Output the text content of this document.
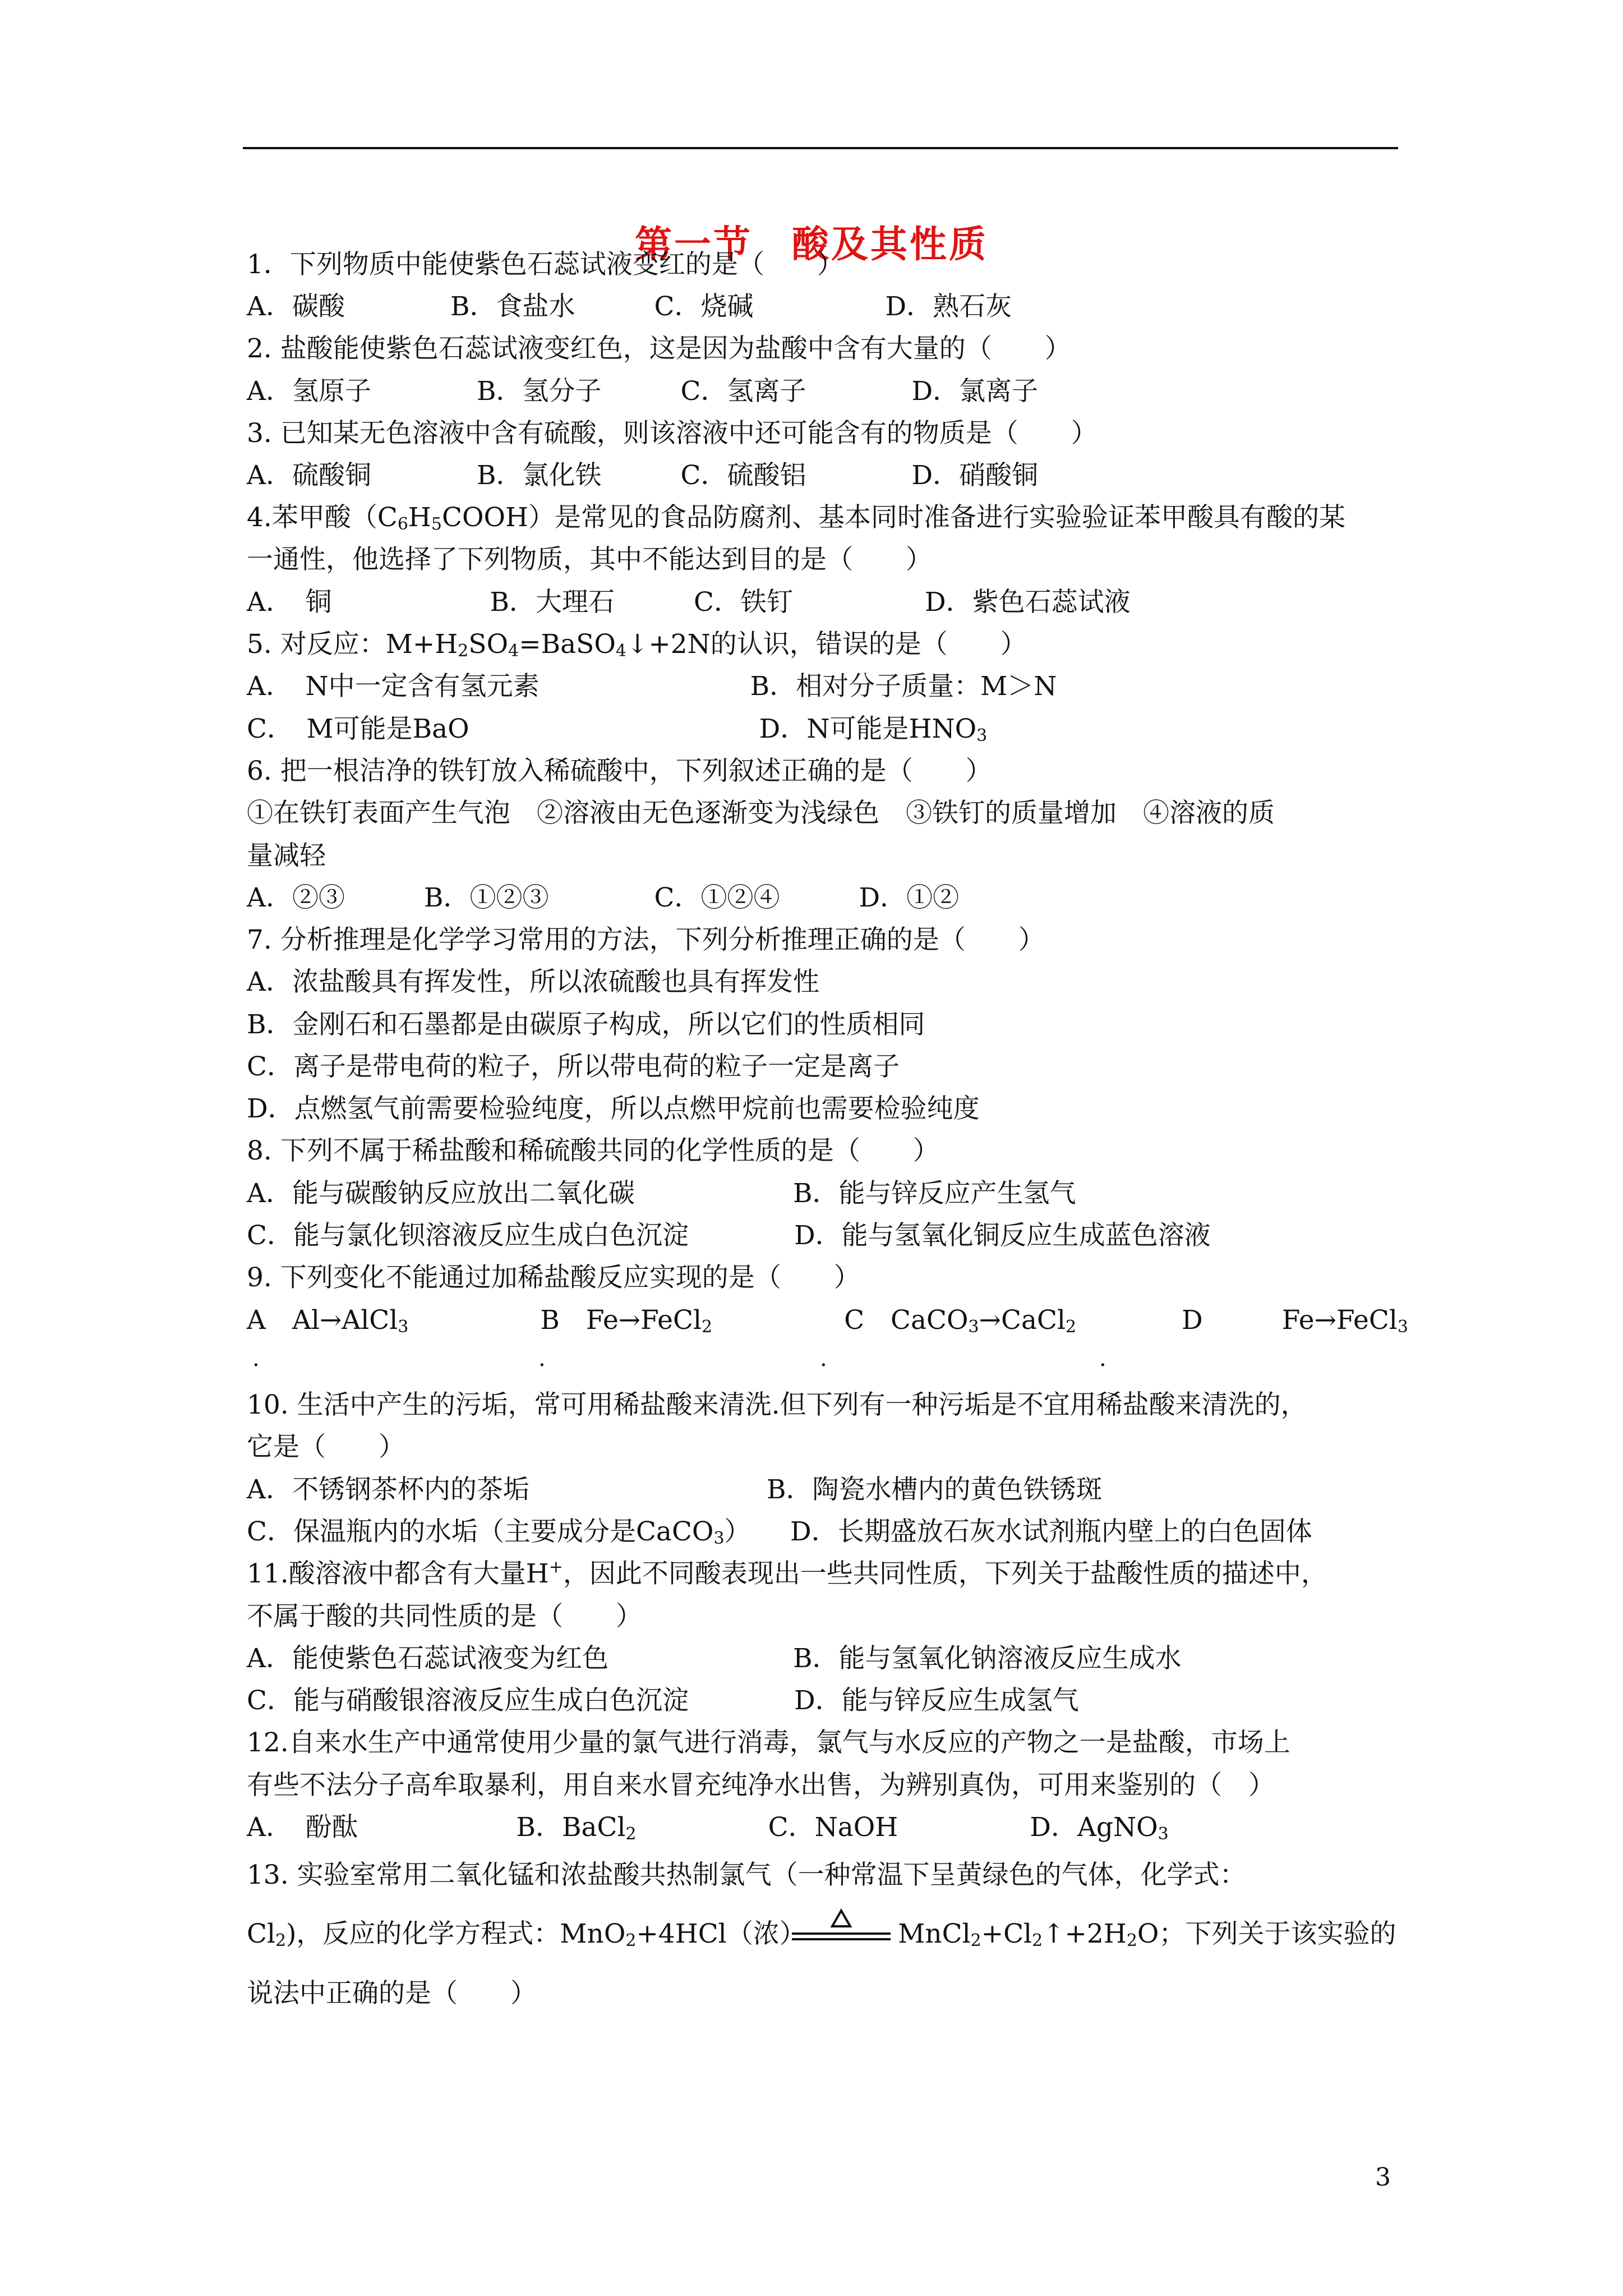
第一节　酸及其性质
1．下列物质中能使紫色石蕊试液变红的是（　　）
A．碳酸　　　　B．食盐水　　　C．烧碱　　　　　D．熟石灰
2. 盐酸能使紫色石蕊试液变红色，这是因为盐酸中含有大量的（　　）
A．氢原子　　　　B．氢分子　　　C．氢离子　　　　D．氯离子
3. 已知某无色溶液中含有硫酸，则该溶液中还可能含有的物质是（　　）
A．硫酸铜　　　　B．氯化铁　　　C．硫酸铝　　　　D．硝酸铜
4.苯甲酸$(C_6H_5COOH)$是常见的食品防腐剂、基本同时准备进行实验验证苯甲酸具有酸的某
一通性，他选择了下列物质，其中不能达到目的是（　　）
A．　铜　　　　　　B．大理石　　　C．铁钉　　　　　D．紫色石蕊试液
5. 对反应：$M+H_2SO_4=BaSO_4↓+2N$的认识，错误的是（　　）
A．　N中一定含有氢元素　　　　　　　　B．相对分子质量：M＞N
C．　M可能是BaO　　　　　　　　　　　D．N可能是$HNO_3$
6. 把一根洁净的铁钉放入稀硫酸中，下列叙述正确的是（　　）
①在铁钉表面产生气泡　②溶液由无色逐渐变为浅绿色　③铁钉的质量增加　④溶液的质
量减轻
A．②③　　　B．①②③　　　　C．①②④　　　D．①②
7. 分析推理是化学学习常用的方法，下列分析推理正确的是（　　）
A．浓盐酸具有挥发性，所以浓硫酸也具有挥发性
B．金刚石和石墨都是由碳原子构成，所以它们的性质相同
C．离子是带电荷的粒子，所以带电荷的粒子一定是离子
D．点燃氢气前需要检验纯度，所以点燃甲烷前也需要检验纯度
8. 下列不属于稀盐酸和稀硫酸共同的化学性质的是（　　）
A．能与碳酸钠反应放出二氧化碳　　　　　　B．能与锌反应产生氢气
C．能与氯化钡溶液反应生成白色沉淀　　　　D．能与氢氧化铜反应生成蓝色溶液
9. 下列变化不能通过加稀盐酸反应实现的是（　　）
A　Al→AlCl$_3$　　　　　B　Fe→FeCl$_2$　　　　　C　CaCO$_3$→CaCl$_2$　　　　D　　　Fe→FeCl$_3$
.	.	.	.
10. 生活中产生的污垢，常可用稀盐酸来清洗.但下列有一种污垢是不宜用稀盐酸来清洗的，
它是（　　）
A．不锈钢茶杯内的茶垢　　　　　　　　　B．陶瓷水槽内的黄色铁锈斑
C．保温瓶内的水垢（主要成分是CaCO$_3$）　　D．长期盛放石灰水试剂瓶内壁上的白色固体
11.酸溶液中都含有大量H+，因此不同酸表现出一些共同性质，下列关于盐酸性质的描述中，
不属于酸的共同性质的是（　　）
A．能使紫色石蕊试液变为红色　　　　　　　B．能与氢氧化钠溶液反应生成水
C．能与硝酸银溶液反应生成白色沉淀　　　　D．能与锌反应生成氢气
12.自来水生产中通常使用少量的氯气进行消毒，氯气与水反应的产物之一是盐酸，市场上
有些不法分子高牟取暴利，用自来水冒充纯净水出售，为辨别真伪，可用来鉴别的（　）
A．　酚酞　　　　　　B．BaCl$_2$　　　　　C．NaOH　　　　　D．AgNO$_3$
13. 实验室常用二氧化锰和浓盐酸共热制氯气（一种常温下呈黄绿色的气体，化学式：
$Cl_2$)，反应的化学方程式：MnO$_2$+4HCl（浓）　　　　$MnCl_2+Cl_2↑+2H_2O$；下列关于该实验的
说法中正确的是（　　）
3
